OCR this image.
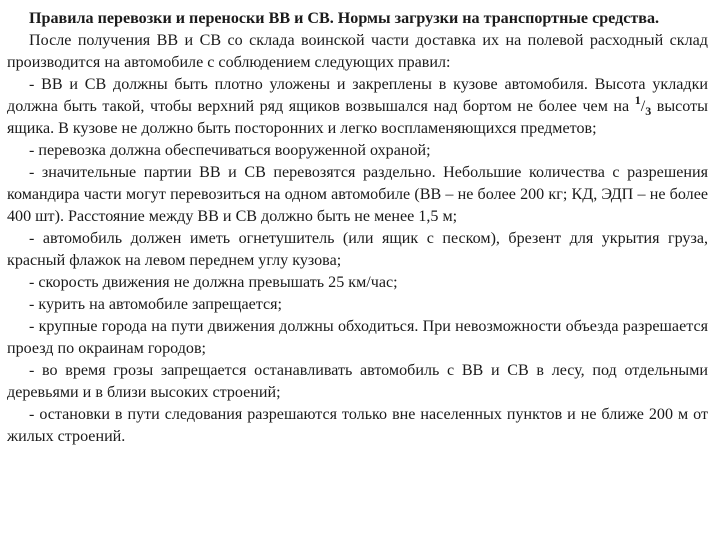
Правила перевозки и переноски ВВ и СВ. Нормы загрузки на транспортные средства.

После получения ВВ и СВ со склада воинской части доставка их на полевой расходный склад производится на автомобиле с соблюдением следующих правил:

- ВВ и СВ должны быть плотно уложены и закреплены в кузове автомобиля. Высота укладки должна быть такой, чтобы верхний ряд ящиков возвышался над бортом не более чем на $^1/_3$ высоты ящика. В кузове не должно быть посторонних и легко воспламеняющихся предметов;

- перевозка должна обеспечиваться вооруженной охраной;

- значительные партии ВВ и СВ перевозятся раздельно. Небольшие количества с разрешения командира части могут перевозиться на одном автомобиле (ВВ – не более 200 кг; КД, ЭДП – не более 400 шт). Расстояние между ВВ и СВ должно быть не менее 1,5 м;

- автомобиль должен иметь огнетушитель (или ящик с песком), брезент для укрытия груза, красный флажок на левом переднем углу кузова;

- скорость движения не должна превышать 25 км/час;

- курить на автомобиле запрещается;

- крупные города на пути движения должны обходиться. При невозможности объезда разрешается проезд по окраинам городов;

- во время грозы запрещается останавливать автомобиль с ВВ и СВ в лесу, под отдельными деревьями и в близи высоких строений;

- остановки в пути следования разрешаются только вне населенных пунктов и не ближе 200 м от жилых строений.
